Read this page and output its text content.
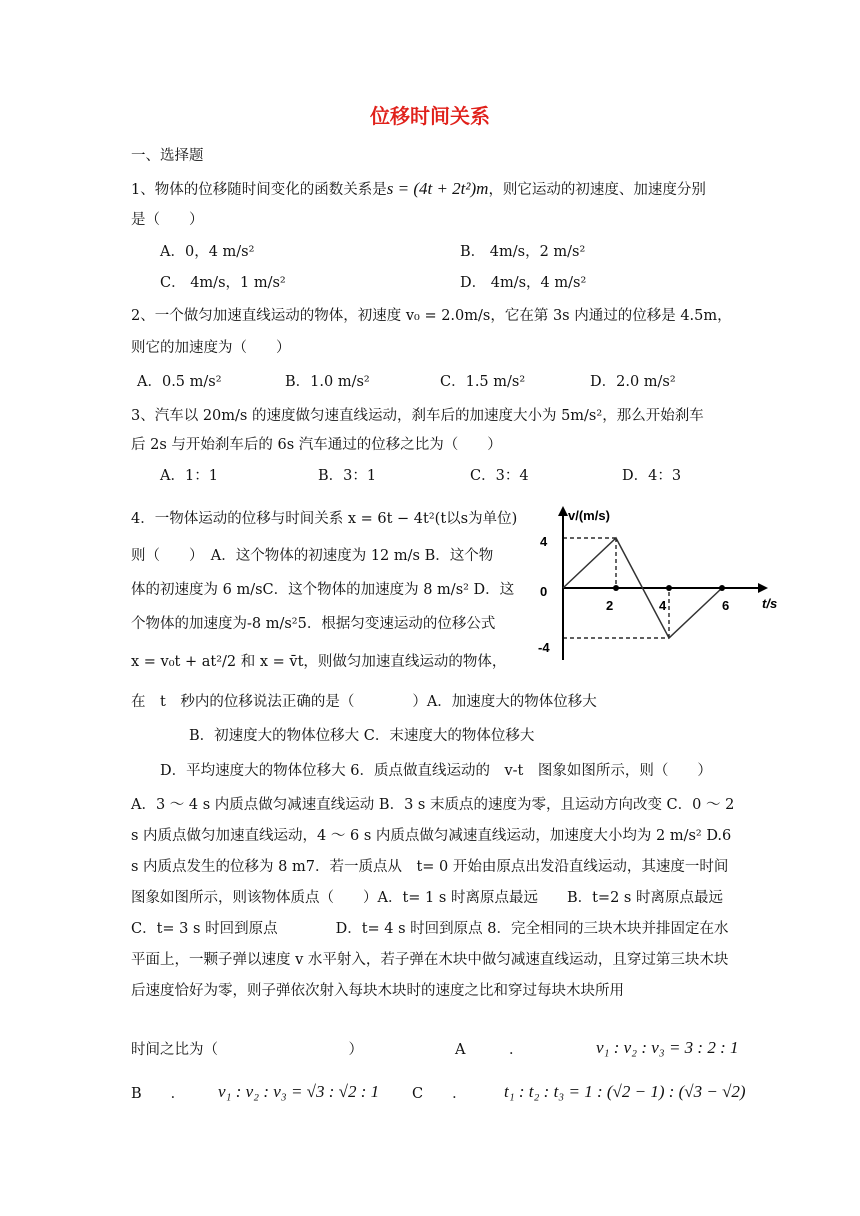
位移时间关系
一、选择题
1、物体的位移随时间变化的函数关系是s = (4t + 2t²)m，则它运动的初速度、加速度分别
是（　　）
A．0，4 m/s²	B． 4m/s，2 m/s²
C． 4m/s，1 m/s²	D． 4m/s，4 m/s²
2、一个做匀加速直线运动的物体，初速度 v₀ = 2.0m/s，它在第 3s 内通过的位移是 4.5m，
则它的加速度为（　　）
A．0.5 m/s²	B．1.0 m/s²	C．1.5 m/s²	D．2.0 m/s²
3、汽车以 20m/s 的速度做匀速直线运动，刹车后的加速度大小为 5m/s²，那么开始刹车
后 2s 与开始刹车后的 6s 汽车通过的位移之比为（　　）
A．1：1	B．3：1	C．3：4	D．4：3
4．一物体运动的位移与时间关系 x = 6t − 4t²(t以s为单位)
则（　　）　A．这个物体的初速度为 12 m/s B．这个物
体的初速度为 6 m/sC．这个物体的加速度为 8 m/s² D．这
个物体的加速度为-8 m/s²5．根据匀变速运动的位移公式
x = v₀t + at²/2 和 x = v̄t，则做匀加速直线运动的物体，
在　t　秒内的位移说法正确的是（　　　　）A．加速度大的物体位移大
B．初速度大的物体位移大 C．末速度大的物体位移大
D．平均速度大的物体位移大 6．质点做直线运动的　v-t　图象如图所示，则（　　）
v/(m/s)
t/s
4
0
-4
2	4	6
A．3 ～ 4 s 内质点做匀减速直线运动 B．3 s 末质点的速度为零，且运动方向改变 C．0 ～ 2 s 内质点做匀加速直线运动，4 ～ 6 s 内质点做匀减速直线运动，加速度大小均为 2 m/s² D.6 s 内质点发生的位移为 8 m7．若一质点从　t= 0 开始由原点出发沿直线运动，其速度一时间图象如图所示，则该物体质点（　　）A．t= 1 s 时离原点最远　　B．t=2 s 时离原点最远 C．t= 3 s 时回到原点　　　　D．t= 4 s 时回到原点 8．完全相同的三块木块并排固定在水平面上，一颗子弹以速度 v 水平射入，若子弹在木块中做匀减速直线运动，且穿过第三块木块后速度恰好为零，则子弹依次射入每块木块时的速度之比和穿过每块木块所用
时间之比为（　　　　　　　　　）	A　　　．	v₁ : v₂ : v₃ = 3 : 2 : 1
B　　． v₁ : v₂ : v₃ = √3 : √2 : 1 C　　． t₁ : t₂ : t₃ = 1 : (√2 − 1) : (√3 − √2)
